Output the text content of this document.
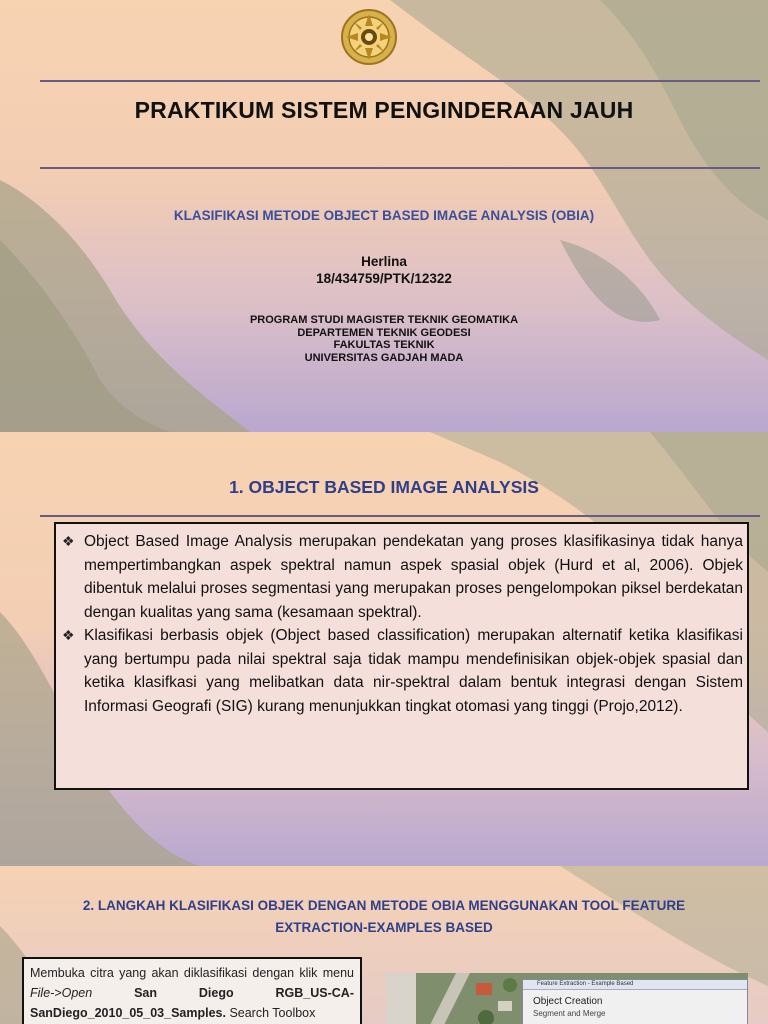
PRAKTIKUM SISTEM PENGINDERAAN JAUH
KLASIFIKASI METODE OBJECT BASED IMAGE ANALYSIS (OBIA)
Herlina
18/434759/PTK/12322
PROGRAM STUDI MAGISTER TEKNIK GEOMATIKA
DEPARTEMEN TEKNIK GEODESI
FAKULTAS TEKNIK
UNIVERSITAS GADJAH MADA
1. OBJECT BASED IMAGE ANALYSIS

❖ Object Based Image Analysis merupakan pendekatan yang proses klasifikasinya tidak hanya mempertimbangkan aspek spektral namun aspek spasial objek (Hurd et al, 2006). Objek dibentuk melalui proses segmentasi yang merupakan proses pengelompokan piksel berdekatan dengan kualitas yang sama (kesamaan spektral).

❖ Klasifikasi berbasis objek (Object based classification) merupakan alternatif ketika klasifikasi yang bertumpu pada nilai spektral saja tidak mampu mendefinisikan objek-objek spasial dan ketika klasifkasi yang melibatkan data nir-spektral dalam bentuk integrasi dengan Sistem Informasi Geografi (SIG) kurang menunjukkan tingkat otomasi yang tinggi (Projo,2012).

2. LANGKAH KLASIFIKASI OBJEK DENGAN METODE OBIA MENGGUNAKAN TOOL FEATURE
EXTRACTION-EXAMPLES BASED
Membuka citra yang akan diklasifikasi dengan klik menu File->Open	San Diego RGB_US-CA-SanDiego_2010_05_03_Samples. Search Toolbox
Feature Extraction - Example Based
Object Creation
Segment and Merge
